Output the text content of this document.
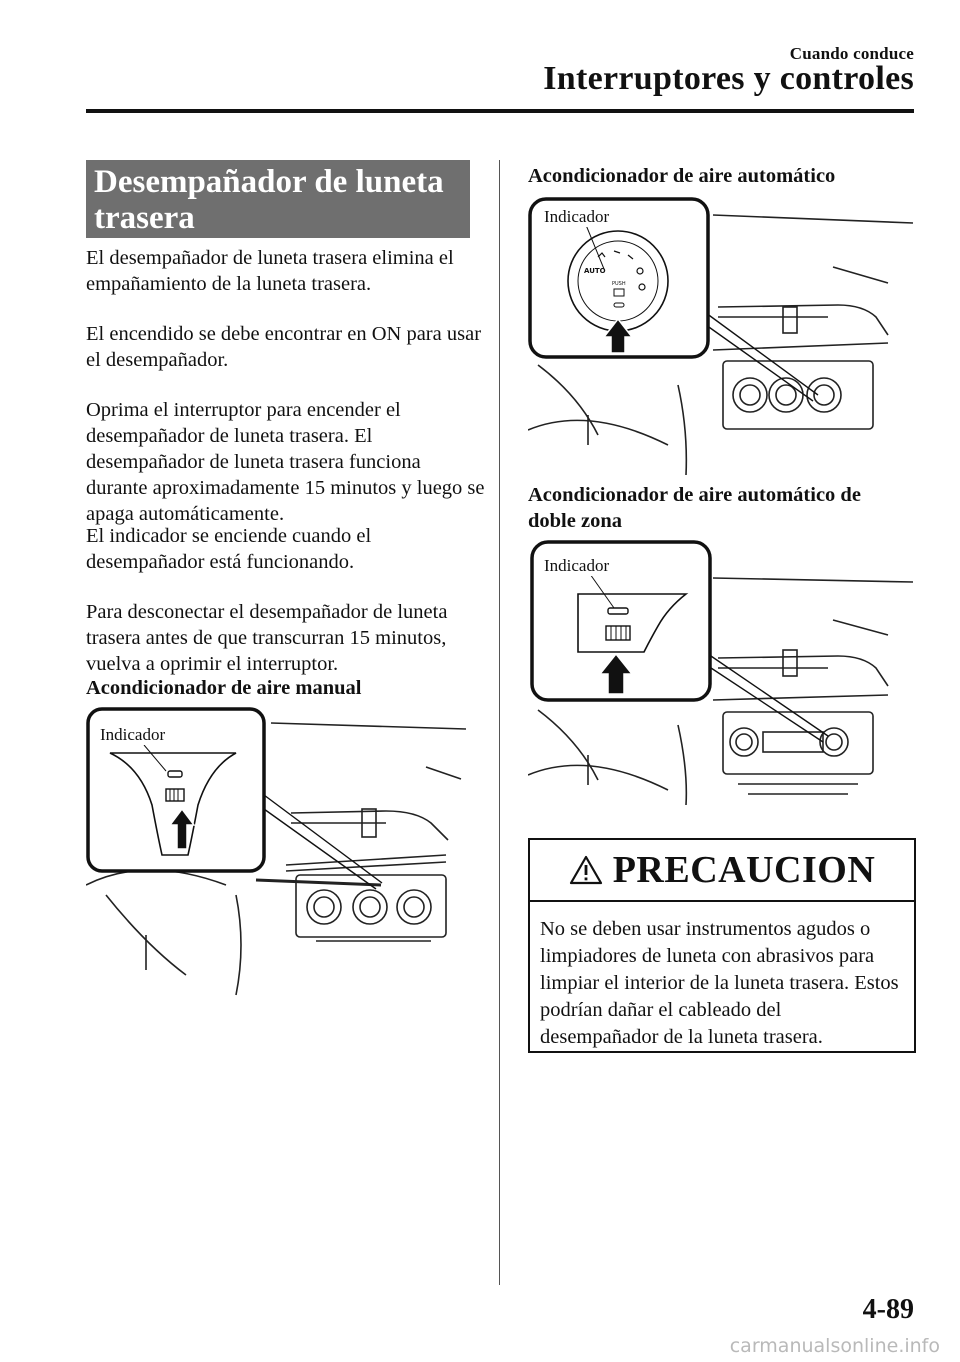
Cuando conduce
Interruptores y controles
Desempañador de luneta trasera
El desempañador de luneta trasera elimina el empañamiento de la luneta trasera.
El encendido se debe encontrar en ON para usar el desempañador.
Oprima el interruptor para encender el desempañador de luneta trasera. El desempañador de luneta trasera funciona durante aproximadamente 15 minutos y luego se apaga automáticamente.
El indicador se enciende cuando el desempañador está funcionando.
Para desconectar el desempañador de luneta trasera antes de que transcurran 15 minutos, vuelva a oprimir el interruptor.
Acondicionador de aire manual
Indicador
Acondicionador de aire automático
AUTO
PUSH
Indicador
Acondicionador de aire automático de doble zona
Indicador
PRECAUCION
No se deben usar instrumentos agudos o limpiadores de luneta con abrasivos para limpiar el interior de la luneta trasera. Estos podrían dañar el cableado del desempañador de la luneta trasera.
4-89
carmanualsonline.info
